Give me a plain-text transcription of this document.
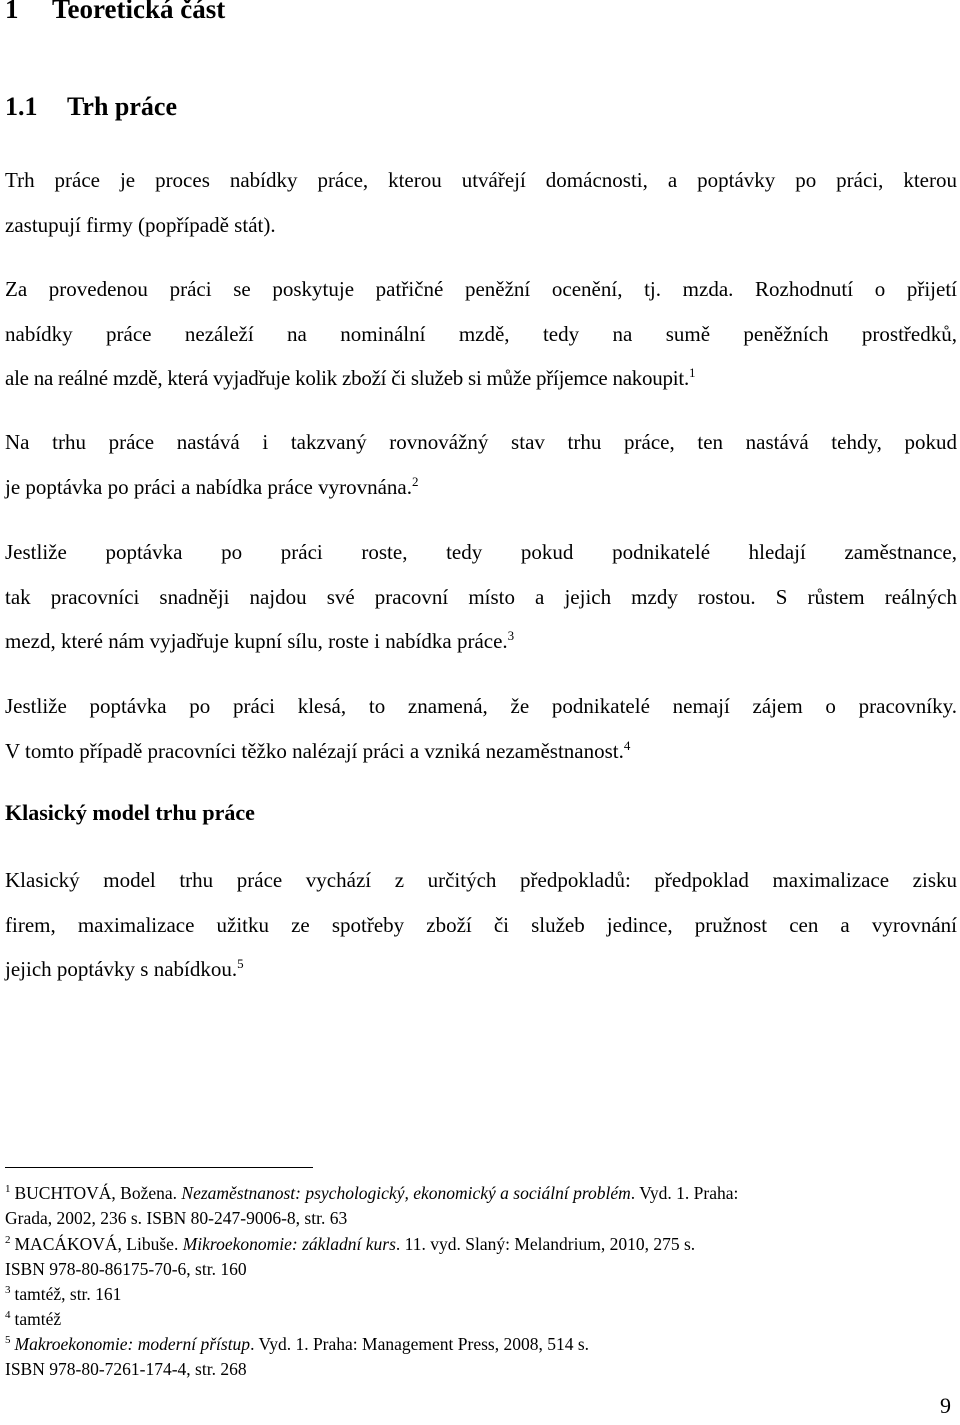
1 Teoretická část
1.1 Trh práce

Trh práce je proces nabídky práce, kterou utvářejí domácnosti, a poptávky po práci, kterou
zastupují firmy (popřípadě stát).

Za provedenou práci se poskytuje patřičné peněžní ocenění, tj. mzda. Rozhodnutí o přijetí
nabídky práce nezáleží na nominální mzdě, tedy na sumě peněžních prostředků,
ale na reálné mzdě, která vyjadřuje kolik zboží či služeb si může příjemce nakoupit.$^1$

Na trhu práce nastává i takzvaný rovnovážný stav trhu práce, ten nastává tehdy, pokud
je poptávka po práci a nabídka práce vyrovnána.$^2$

Jestliže poptávka po práci roste, tedy pokud podnikatelé hledají zaměstnance,
tak pracovníci snadněji najdou své pracovní místo a jejich mzdy rostou. S růstem reálných
mezd, které nám vyjadřuje kupní sílu, roste i nabídka práce.$^3$

Jestliže poptávka po práci klesá, to znamená, že podnikatelé nemají zájem o pracovníky.
V tomto případě pracovníci těžko nalézají práci a vzniká nezaměstnanost.$^4$

Klasický model trhu práce

Klasický model trhu práce vychází z určitých předpokladů: předpoklad maximalizace zisku
firem, maximalizace užitku ze spotřeby zboží či služeb jedince, pružnost cen a vyrovnání
jejich poptávky s nabídkou.$^5$

$^1$ BUCHTOVÁ, Božena. Nezaměstnanost: psychologický, ekonomický a sociální problém. Vyd. 1. Praha:
Grada, 2002, 236 s. ISBN 80-247-9006-8, str. 63

$^2$ MACÁKOVÁ, Libuše. Mikroekonomie: základní kurs. 11. vyd. Slaný: Melandrium, 2010, 275 s.
ISBN 978-80-86175-70-6, str. 160

$^3$ tamtéž, str. 161

$^4$ tamtéž

$^5$ Makroekonomie: moderní přístup. Vyd. 1. Praha: Management Press, 2008, 514 s.
ISBN 978-80-7261-174-4, str. 268

9
